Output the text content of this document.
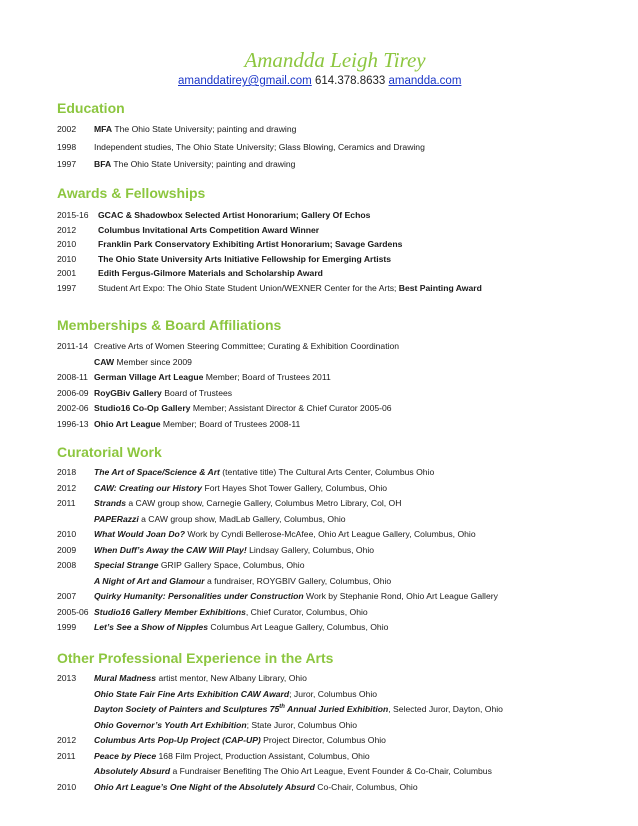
Amandda Leigh Tirey
amanddatirey@gmail.com 614.378.8633 amandda.com
Education
2002 MFA The Ohio State University; painting and drawing
1998 Independent studies, The Ohio State University; Glass Blowing, Ceramics and Drawing
1997 BFA The Ohio State University; painting and drawing
Awards & Fellowships
2015-16 GCAC & Shadowbox Selected Artist Honorarium; Gallery Of Echos
2012	Columbus Invitational Arts Competition Award Winner
2010	Franklin Park Conservatory Exhibiting Artist Honorarium; Savage Gardens
2010	The Ohio State University Arts Initiative Fellowship for Emerging Artists
2001	Edith Fergus-Gilmore Materials and Scholarship Award
1997	Student Art Expo: The Ohio State Student Union/WEXNER Center for the Arts; Best Painting Award
Memberships & Board Affiliations
2011-14 Creative Arts of Women Steering Committee; Curating & Exhibition Coordination
CAW Member since 2009
2008-11 German Village Art League Member; Board of Trustees 2011
2006-09 RoyGBiv Gallery Board of Trustees
2002-06 Studio16 Co-Op Gallery Member; Assistant Director & Chief Curator 2005-06
1996-13 Ohio Art League Member; Board of Trustees 2008-11
Curatorial Work
2018 The Art of Space/Science & Art (tentative title) The Cultural Arts Center, Columbus Ohio
2012 CAW: Creating our History Fort Hayes Shot Tower Gallery, Columbus, Ohio
2011 Strands a CAW group show, Carnegie Gallery, Columbus Metro Library, Col, OH
PAPERazzi a CAW group show, MadLab Gallery, Columbus, Ohio
2010 What Would Joan Do? Work by Cyndi Bellerose-McAfee, Ohio Art League Gallery, Columbus, Ohio
2009 When Duff’s Away the CAW Will Play! Lindsay Gallery, Columbus, Ohio
2008 Special Strange GRIP Gallery Space, Columbus, Ohio
A Night of Art and Glamour a fundraiser, ROYGBIV Gallery, Columbus, Ohio
2007 Quirky Humanity: Personalities under Construction Work by Stephanie Rond, Ohio Art League Gallery
2005-06 Studio16 Gallery Member Exhibitions, Chief Curator, Columbus, Ohio
1999 Let’s See a Show of Nipples Columbus Art League Gallery, Columbus, Ohio
Other Professional Experience in the Arts
2013 Mural Madness artist mentor, New Albany Library, Ohio
Ohio State Fair Fine Arts Exhibition CAW Award; Juror, Columbus Ohio
Dayton Society of Painters and Sculptures 75th Annual Juried Exhibition, Selected Juror, Dayton, Ohio
Ohio Governor’s Youth Art Exhibition; State Juror, Columbus Ohio
2012 Columbus Arts Pop-Up Project (CAP-UP) Project Director, Columbus Ohio
2011 Peace by Piece 168 Film Project, Production Assistant, Columbus, Ohio
Absolutely Absurd a Fundraiser Benefiting The Ohio Art League, Event Founder & Co-Chair, Columbus
2010 Ohio Art League’s One Night of the Absolutely Absurd Co-Chair, Columbus, Ohio
